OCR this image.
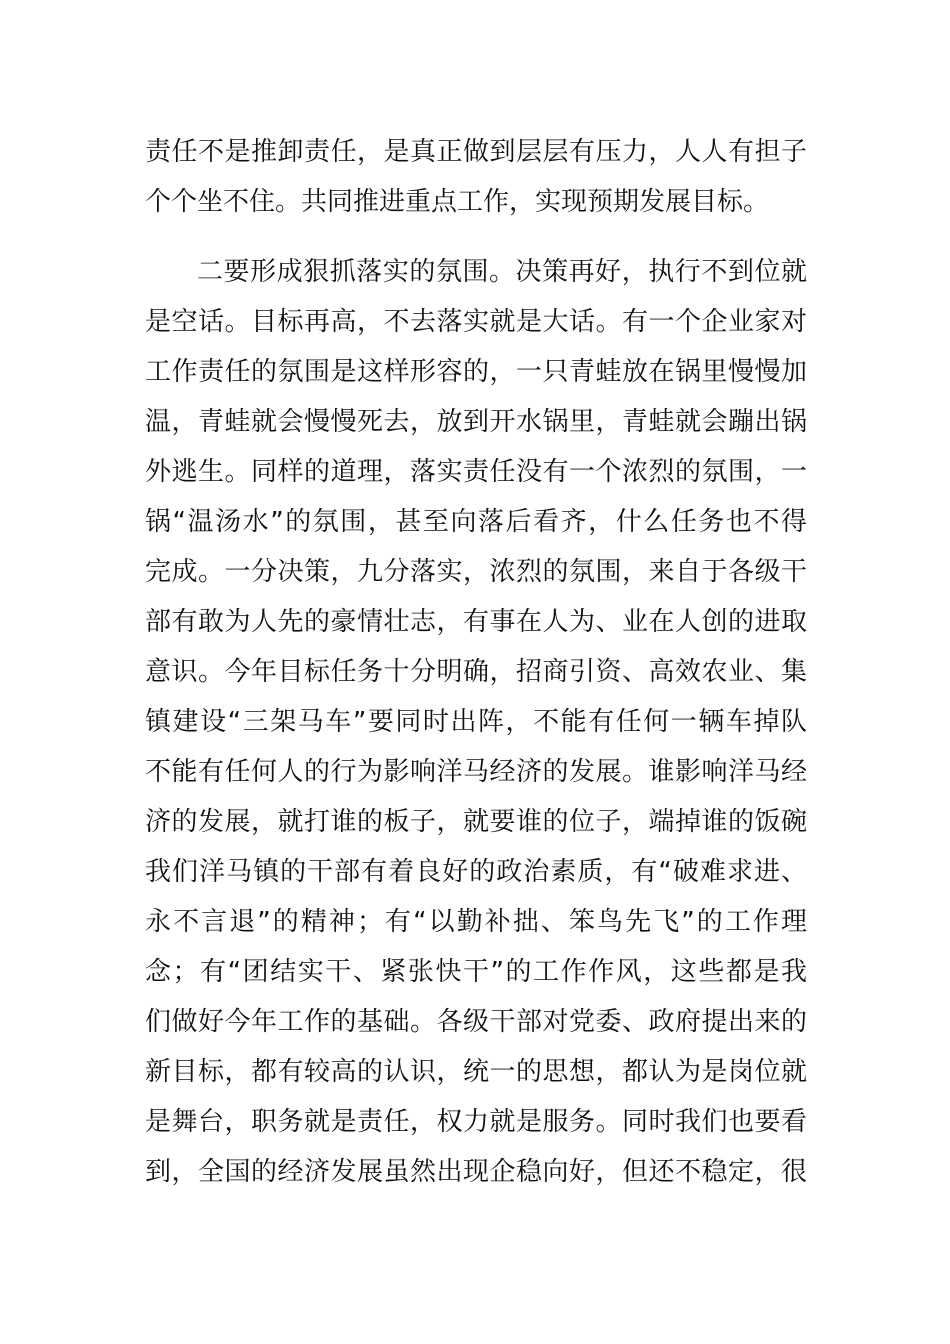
责任不是推卸责任，是真正做到层层有压力，人人有担子
个个坐不住。共同推进重点工作，实现预期发展目标。
二要形成狠抓落实的氛围。决策再好，执行不到位就
是空话。目标再高，不去落实就是大话。有一个企业家对
工作责任的氛围是这样形容的，一只青蛙放在锅里慢慢加
温，青蛙就会慢慢死去，放到开水锅里，青蛙就会蹦出锅
外逃生。同样的道理，落实责任没有一个浓烈的氛围，一
锅“温汤水”的氛围，甚至向落后看齐，什么任务也不得
完成。一分决策，九分落实，浓烈的氛围，来自于各级干
部有敢为人先的豪情壮志，有事在人为、业在人创的进取
意识。今年目标任务十分明确，招商引资、高效农业、集
镇建设“三架马车”要同时出阵，不能有任何一辆车掉队
不能有任何人的行为影响洋马经济的发展。谁影响洋马经
济的发展，就打谁的板子，就要谁的位子，端掉谁的饭碗
我们洋马镇的干部有着良好的政治素质，有“破难求进、
永不言退”的精神；有“以勤补拙、笨鸟先飞”的工作理
念；有“团结实干、紧张快干”的工作作风，这些都是我
们做好今年工作的基础。各级干部对党委、政府提出来的
新目标，都有较高的认识，统一的思想，都认为是岗位就
是舞台，职务就是责任，权力就是服务。同时我们也要看
到，全国的经济发展虽然出现企稳向好，但还不稳定，很
